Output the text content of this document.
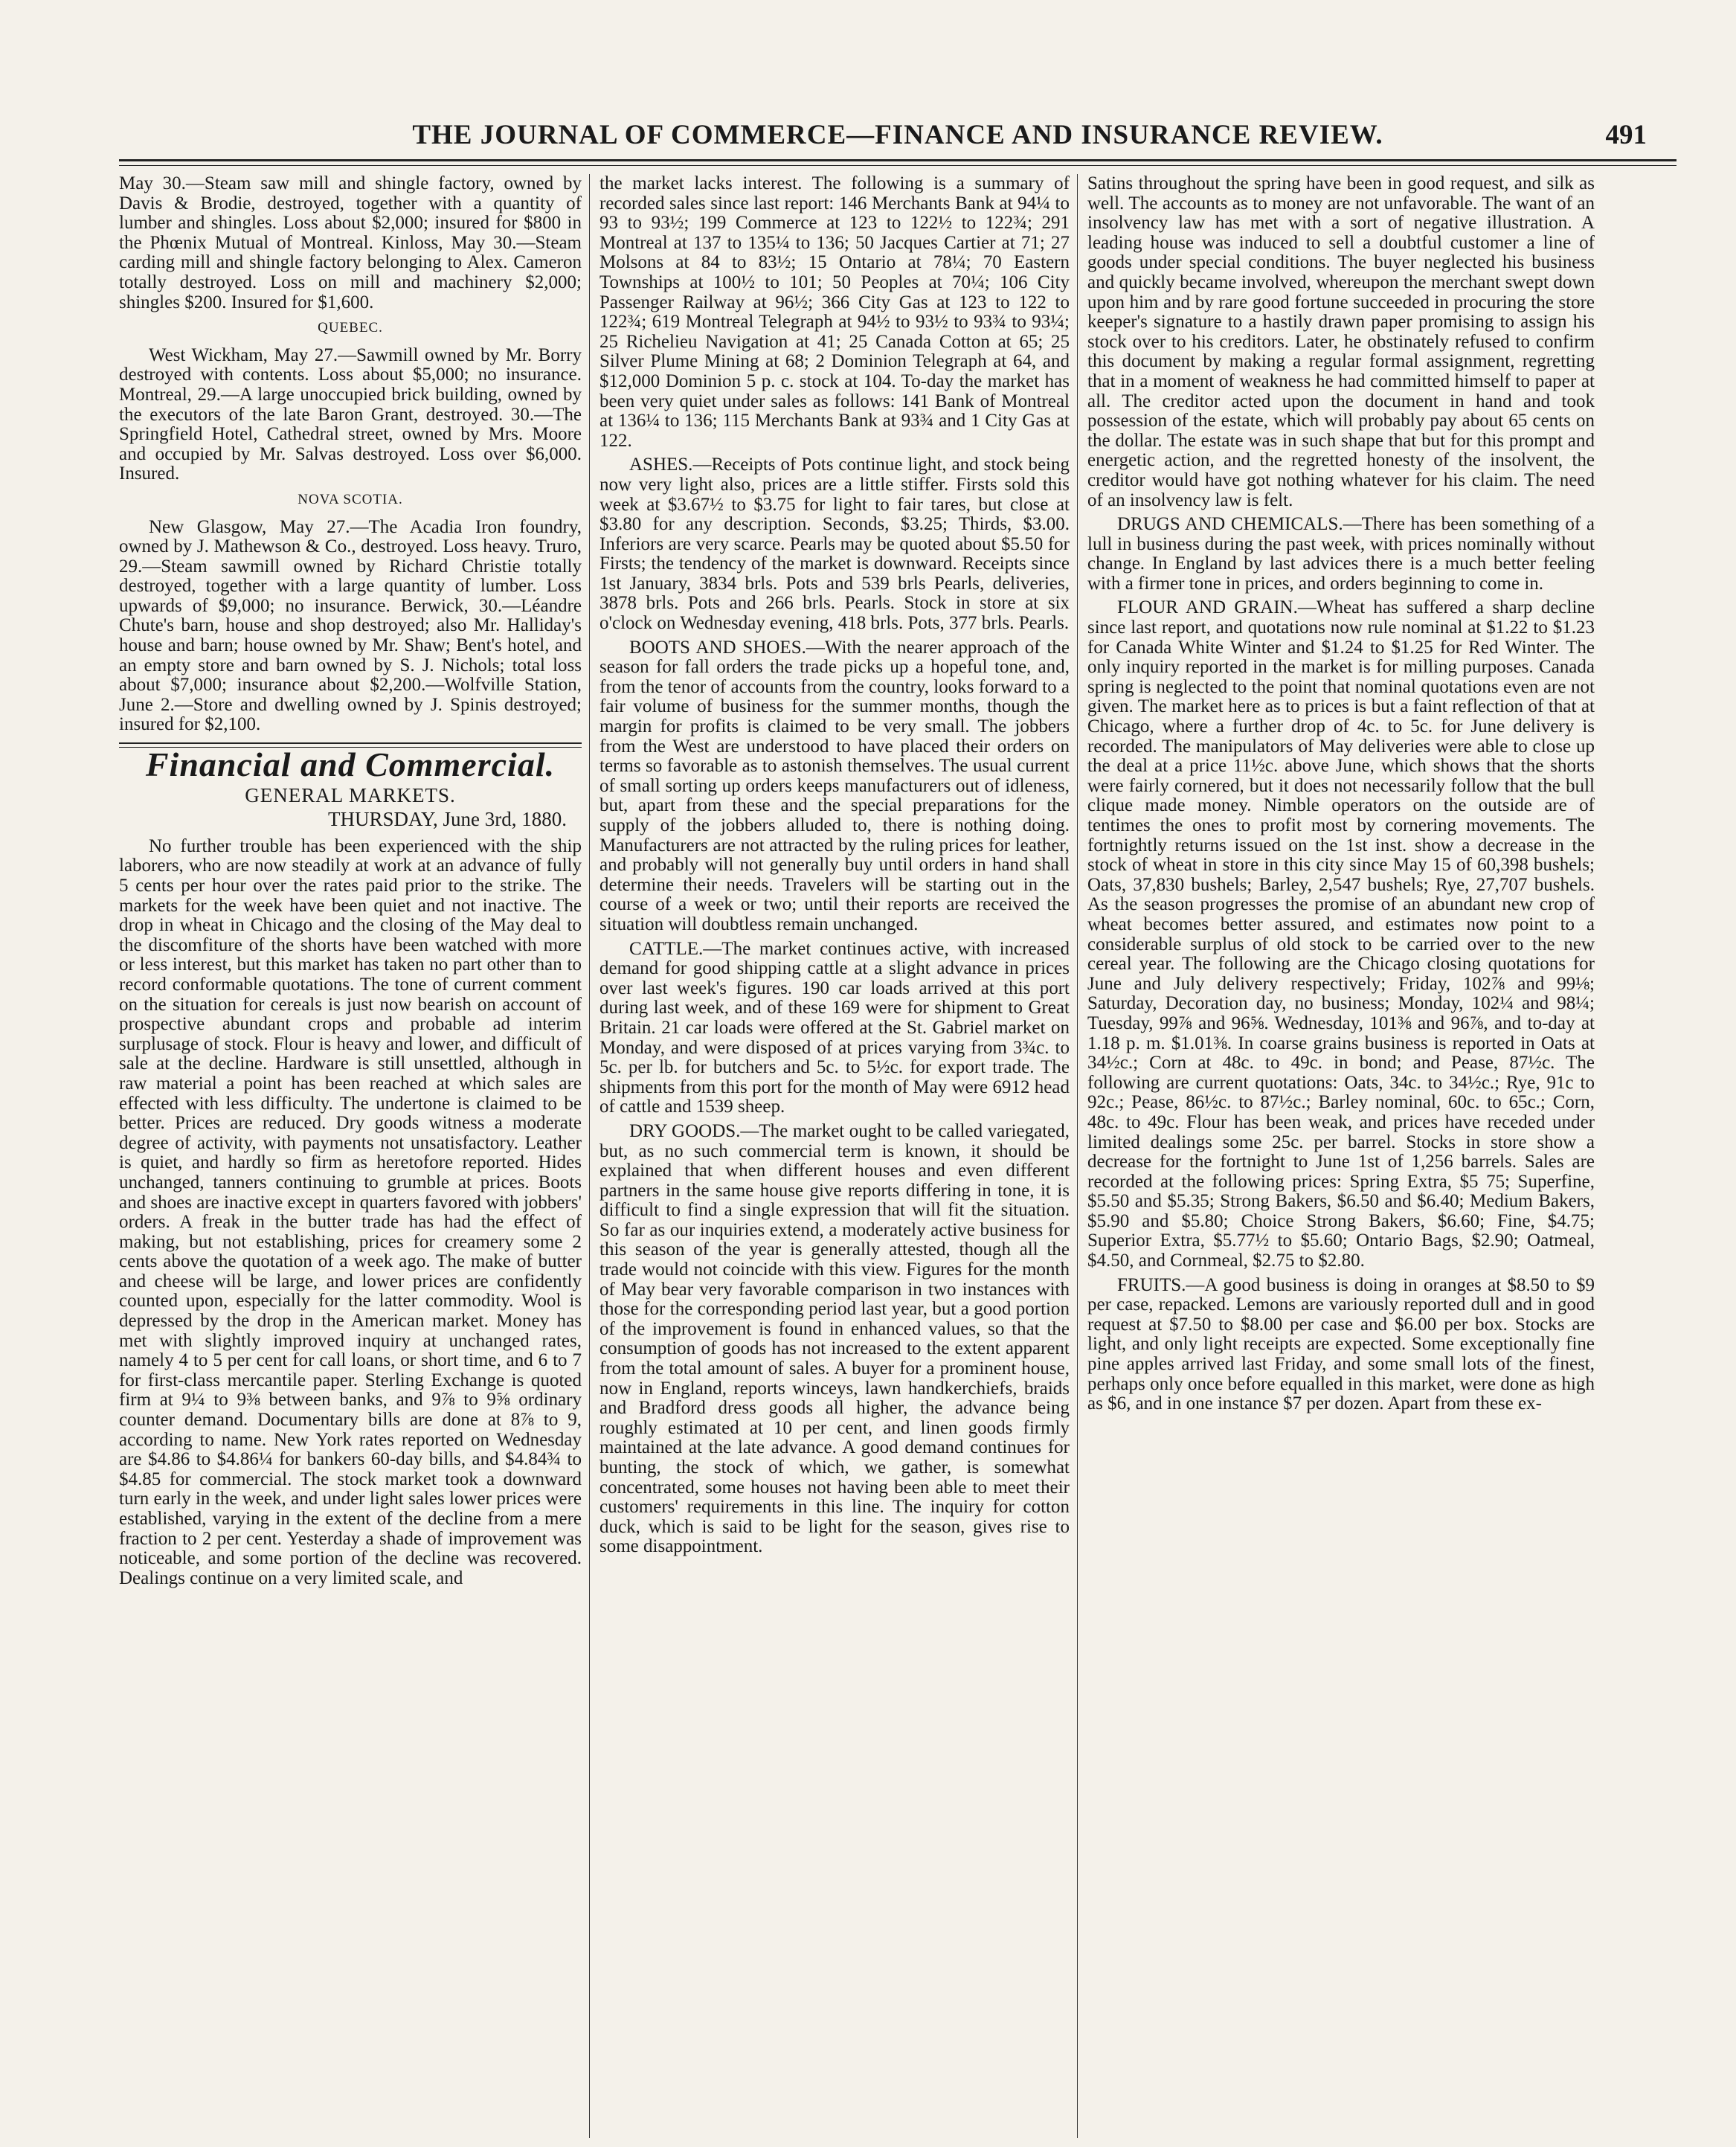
THE JOURNAL OF COMMERCE—FINANCE AND INSURANCE REVIEW.	491

May 30.—Steam saw mill and shingle factory, owned by Davis & Brodie, destroyed, together with a quantity of lumber and shingles. Loss about $2,000; insured for $800 in the Phœnix Mutual of Montreal. Kinloss, May 30.—Steam carding mill and shingle factory belonging to Alex. Cameron totally destroyed. Loss on mill and machinery $2,000; shingles $200. Insured for $1,600.

QUEBEC.

West Wickham, May 27.—Sawmill owned by Mr. Borry destroyed with contents. Loss about $5,000; no insurance. Montreal, 29.—A large unoccupied brick building, owned by the executors of the late Baron Grant, destroyed. 30.—The Springfield Hotel, Cathedral street, owned by Mrs. Moore and occupied by Mr. Salvas destroyed. Loss over $6,000. Insured.

NOVA SCOTIA.

New Glasgow, May 27.—The Acadia Iron foundry, owned by J. Mathewson & Co., destroyed. Loss heavy. Truro, 29.—Steam sawmill owned by Richard Christie totally destroyed, together with a large quantity of lumber. Loss upwards of $9,000; no insurance. Berwick, 30.—Léandre Chute's barn, house and shop destroyed; also Mr. Halliday's house and barn; house owned by Mr. Shaw; Bent's hotel, and an empty store and barn owned by S. J. Nichols; total loss about $7,000; insurance about $2,200.—Wolfville Station, June 2.—Store and dwelling owned by J. Spinis destroyed; insured for $2,100.

Financial and Commercial.
GENERAL MARKETS.
THURSDAY, June 3rd, 1880.

No further trouble has been experienced with the ship laborers, who are now steadily at work at an advance of fully 5 cents per hour over the rates paid prior to the strike. The markets for the week have been quiet and not inactive. The drop in wheat in Chicago and the closing of the May deal to the discomfiture of the shorts have been watched with more or less interest, but this market has taken no part other than to record conformable quotations. The tone of current comment on the situation for cereals is just now bearish on account of prospective abundant crops and probable ad interim surplusage of stock. Flour is heavy and lower, and difficult of sale at the decline. Hardware is still unsettled, although in raw material a point has been reached at which sales are effected with less difficulty. The undertone is claimed to be better. Prices are reduced. Dry goods witness a moderate degree of activity, with payments not unsatisfactory. Leather is quiet, and hardly so firm as heretofore reported. Hides unchanged, tanners continuing to grumble at prices. Boots and shoes are inactive except in quarters favored with jobbers' orders. A freak in the butter trade has had the effect of making, but not establishing, prices for creamery some 2 cents above the quotation of a week ago. The make of butter and cheese will be large, and lower prices are confidently counted upon, especially for the latter commodity. Wool is depressed by the drop in the American market. Money has met with slightly improved inquiry at unchanged rates, namely 4 to 5 per cent for call loans, or short time, and 6 to 7 for first-class mercantile paper. Sterling Exchange is quoted firm at 9¼ to 9⅜ between banks, and 9⅞ to 9⅝ ordinary counter demand. Documentary bills are done at 8⅞ to 9, according to name. New York rates reported on Wednesday are $4.86 to $4.86¼ for bankers 60-day bills, and $4.84¾ to $4.85 for commercial. The stock market took a downward turn early in the week, and under light sales lower prices were established, varying in the extent of the decline from a mere fraction to 2 per cent. Yesterday a shade of improvement was noticeable, and some portion of the decline was recovered. Dealings continue on a very limited scale, and

the market lacks interest. The following is a summary of recorded sales since last report: 146 Merchants Bank at 94¼ to 93 to 93½; 199 Commerce at 123 to 122½ to 122¾; 291 Montreal at 137 to 135¼ to 136; 50 Jacques Cartier at 71; 27 Molsons at 84 to 83½; 15 Ontario at 78¼; 70 Eastern Townships at 100½ to 101; 50 Peoples at 70¼; 106 City Passenger Railway at 96½; 366 City Gas at 123 to 122 to 122¾; 619 Montreal Telegraph at 94½ to 93½ to 93¾ to 93¼; 25 Richelieu Navigation at 41; 25 Canada Cotton at 65; 25 Silver Plume Mining at 68; 2 Dominion Telegraph at 64, and $12,000 Dominion 5 p. c. stock at 104. To-day the market has been very quiet under sales as follows: 141 Bank of Montreal at 136¼ to 136; 115 Merchants Bank at 93¾ and 1 City Gas at 122.

ASHES.—Receipts of Pots continue light, and stock being now very light also, prices are a little stiffer. Firsts sold this week at $3.67½ to $3.75 for light to fair tares, but close at $3.80 for any description. Seconds, $3.25; Thirds, $3.00. Inferiors are very scarce. Pearls may be quoted about $5.50 for Firsts; the tendency of the market is downward. Receipts since 1st January, 3834 brls. Pots and 539 brls Pearls, deliveries, 3878 brls. Pots and 266 brls. Pearls. Stock in store at six o'clock on Wednesday evening, 418 brls. Pots, 377 brls. Pearls.

BOOTS AND SHOES.—With the nearer approach of the season for fall orders the trade picks up a hopeful tone, and, from the tenor of accounts from the country, looks forward to a fair volume of business for the summer months, though the margin for profits is claimed to be very small. The jobbers from the West are understood to have placed their orders on terms so favorable as to astonish themselves. The usual current of small sorting up orders keeps manufacturers out of idleness, but, apart from these and the special preparations for the supply of the jobbers alluded to, there is nothing doing. Manufacturers are not attracted by the ruling prices for leather, and probably will not generally buy until orders in hand shall determine their needs. Travelers will be starting out in the course of a week or two; until their reports are received the situation will doubtless remain unchanged.

CATTLE.—The market continues active, with increased demand for good shipping cattle at a slight advance in prices over last week's figures. 190 car loads arrived at this port during last week, and of these 169 were for shipment to Great Britain. 21 car loads were offered at the St. Gabriel market on Monday, and were disposed of at prices varying from 3¾c. to 5c. per lb. for butchers and 5c. to 5½c. for export trade. The shipments from this port for the month of May were 6912 head of cattle and 1539 sheep.

DRY GOODS.—The market ought to be called variegated, but, as no such commercial term is known, it should be explained that when different houses and even different partners in the same house give reports differing in tone, it is difficult to find a single expression that will fit the situation. So far as our inquiries extend, a moderately active business for this season of the year is generally attested, though all the trade would not coincide with this view. Figures for the month of May bear very favorable comparison in two instances with those for the corresponding period last year, but a good portion of the improvement is found in enhanced values, so that the consumption of goods has not increased to the extent apparent from the total amount of sales. A buyer for a prominent house, now in England, reports winceys, lawn handkerchiefs, braids and Bradford dress goods all higher, the advance being roughly estimated at 10 per cent, and linen goods firmly maintained at the late advance. A good demand continues for bunting, the stock of which, we gather, is somewhat concentrated, some houses not having been able to meet their customers' requirements in this line. The inquiry for cotton duck, which is said to be light for the season, gives rise to some disappointment.

Satins throughout the spring have been in good request, and silk as well. The accounts as to money are not unfavorable. The want of an insolvency law has met with a sort of negative illustration. A leading house was induced to sell a doubtful customer a line of goods under special conditions. The buyer neglected his business and quickly became involved, whereupon the merchant swept down upon him and by rare good fortune succeeded in procuring the store keeper's signature to a hastily drawn paper promising to assign his stock over to his creditors. Later, he obstinately refused to confirm this document by making a regular formal assignment, regretting that in a moment of weakness he had committed himself to paper at all. The creditor acted upon the document in hand and took possession of the estate, which will probably pay about 65 cents on the dollar. The estate was in such shape that but for this prompt and energetic action, and the regretted honesty of the insolvent, the creditor would have got nothing whatever for his claim. The need of an insolvency law is felt.

DRUGS AND CHEMICALS.—There has been something of a lull in business during the past week, with prices nominally without change. In England by last advices there is a much better feeling with a firmer tone in prices, and orders beginning to come in.

FLOUR AND GRAIN.—Wheat has suffered a sharp decline since last report, and quotations now rule nominal at $1.22 to $1.23 for Canada White Winter and $1.24 to $1.25 for Red Winter. The only inquiry reported in the market is for milling purposes. Canada spring is neglected to the point that nominal quotations even are not given. The market here as to prices is but a faint reflection of that at Chicago, where a further drop of 4c. to 5c. for June delivery is recorded. The manipulators of May deliveries were able to close up the deal at a price 11½c. above June, which shows that the shorts were fairly cornered, but it does not necessarily follow that the bull clique made money. Nimble operators on the outside are of tentimes the ones to profit most by cornering movements. The fortnightly returns issued on the 1st inst. show a decrease in the stock of wheat in store in this city since May 15 of 60,398 bushels; Oats, 37,830 bushels; Barley, 2,547 bushels; Rye, 27,707 bushels. As the season progresses the promise of an abundant new crop of wheat becomes better assured, and estimates now point to a considerable surplus of old stock to be carried over to the new cereal year. The following are the Chicago closing quotations for June and July delivery respectively; Friday, 102⅞ and 99⅛; Saturday, Decoration day, no business; Monday, 102¼ and 98¼; Tuesday, 99⅞ and 96⅝. Wednesday, 101⅜ and 96⅞, and to-day at 1.18 p. m. $1.01⅜. In coarse grains business is reported in Oats at 34½c.; Corn at 48c. to 49c. in bond; and Pease, 87½c. The following are current quotations: Oats, 34c. to 34½c.; Rye, 91c to 92c.; Pease, 86½c. to 87½c.; Barley nominal, 60c. to 65c.; Corn, 48c. to 49c. Flour has been weak, and prices have receded under limited dealings some 25c. per barrel. Stocks in store show a decrease for the fortnight to June 1st of 1,256 barrels. Sales are recorded at the following prices: Spring Extra, $5 75; Superfine, $5.50 and $5.35; Strong Bakers, $6.50 and $6.40; Medium Bakers, $5.90 and $5.80; Choice Strong Bakers, $6.60; Fine, $4.75; Superior Extra, $5.77½ to $5.60; Ontario Bags, $2.90; Oatmeal, $4.50, and Cornmeal, $2.75 to $2.80.

FRUITS.—A good business is doing in oranges at $8.50 to $9 per case, repacked. Lemons are variously reported dull and in good request at $7.50 to $8.00 per case and $6.00 per box. Stocks are light, and only light receipts are expected. Some exceptionally fine pine apples arrived last Friday, and some small lots of the finest, perhaps only once before equalled in this market, were done as high as $6, and in one instance $7 per dozen. Apart from these ex-
